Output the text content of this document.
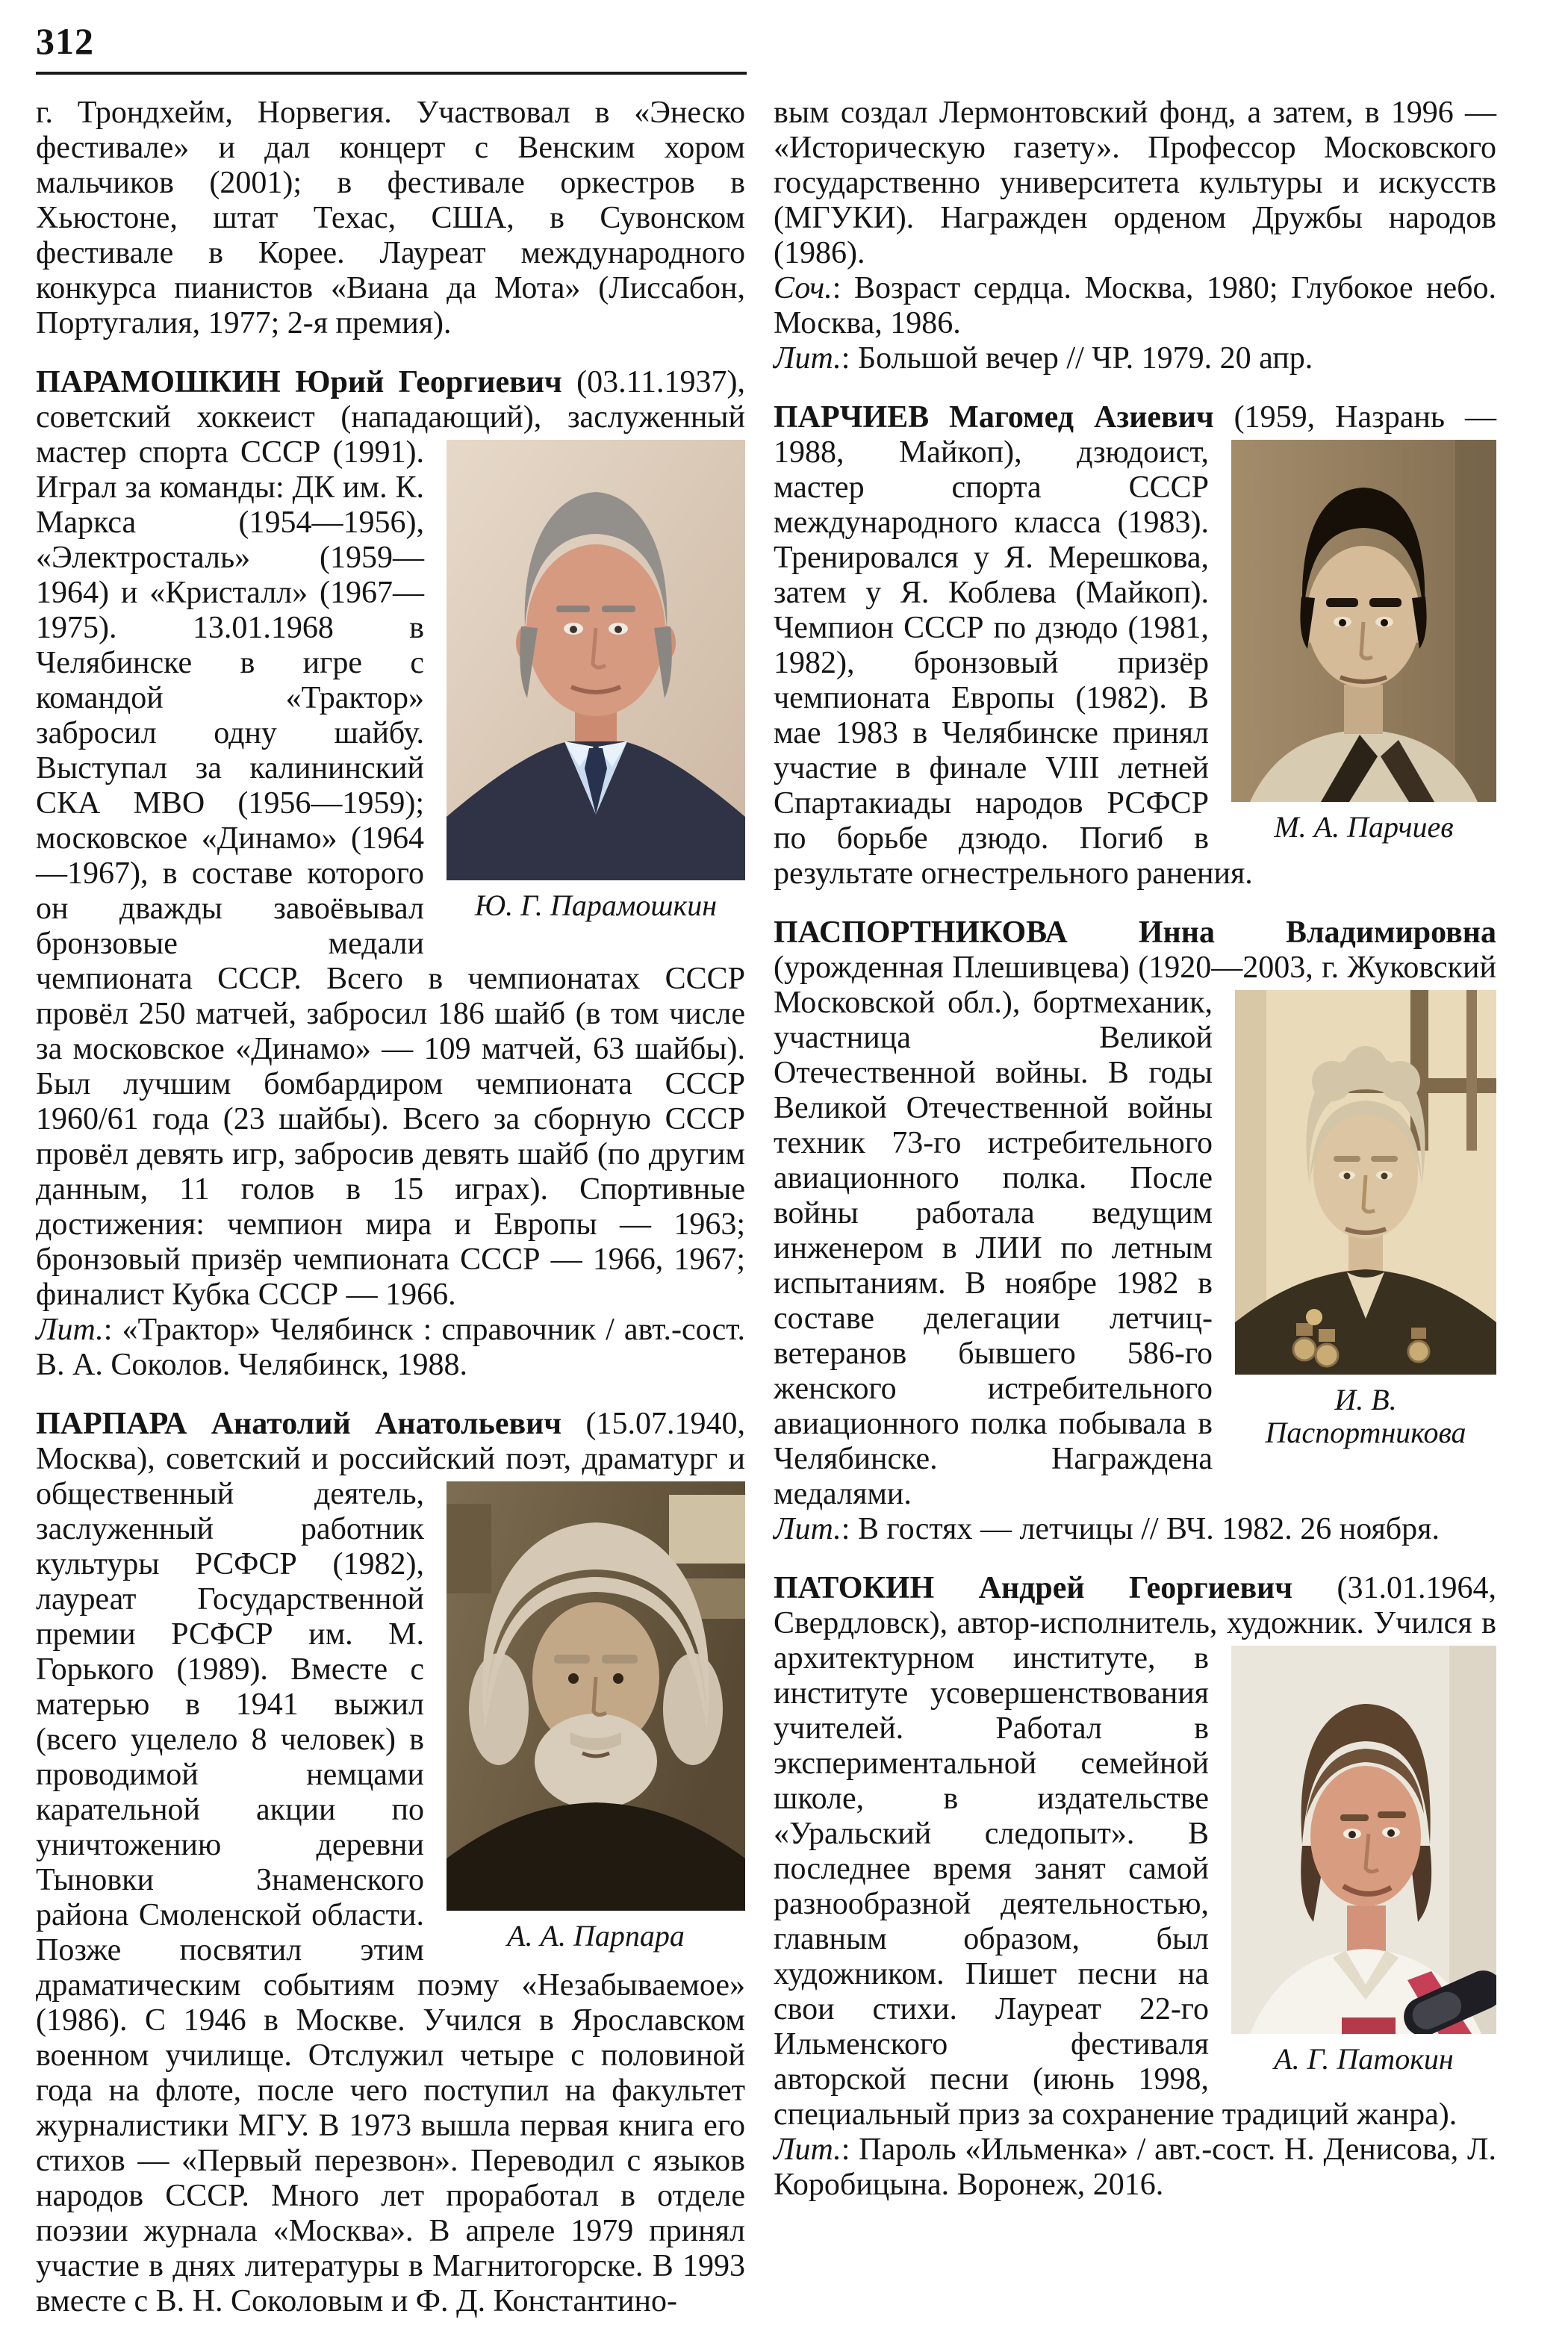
312

г. Трондхейм, Норвегия. Участвовал в «Энеско фестивале» и дал концерт с Венским хором мальчиков (2001); в фестивале оркестров в Хьюстоне, штат Техас, США, в Сувонском фестивале в Корее. Лауреат международного конкурса пианистов «Виана да Мота» (Лиссабон, Португалия, 1977; 2-я премия).

ПАРАМОШКИН Юрий Георгиевич (03.11.1937), советский хоккеист (нападающий), заслуженный
Ю. Г. Парамошкин
мастер спорта СССР (1991). Играл за команды: ДК им. К. Маркса (1954—1956), «Электросталь» (1959—1964) и «Кристалл» (1967—1975). 13.01.1968 в Челябинске в игре с командой «Трактор» забросил одну шайбу. Выступал за калининский СКА МВО (1956—1959); московское «Динамо» (1964—1967), в составе которого он дважды завоёвывал бронзовые медали чемпионата СССР. Всего в чемпионатах СССР провёл 250 матчей, забросил 186 шайб (в том числе за московское «Динамо» — 109 матчей, 63 шайбы). Был лучшим бомбардиром чемпионата СССР 1960/61 года (23 шайбы). Всего за сборную СССР провёл девять игр, забросив девять шайб (по другим данным, 11 голов в 15 играх). Спортивные достижения: чемпион мира и Европы — 1963; бронзовый призёр чемпионата СССР — 1966, 1967; финалист Кубка СССР — 1966.

Лит.: «Трактор» Челябинск : справочник / авт.-сост. В. А. Соколов. Челябинск, 1988.

ПАРПАРА Анатолий Анатольевич (15.07.1940, Москва), советский и российский поэт,
А. А. Парпара
драматург и общественный деятель, заслуженный работник культуры РСФСР (1982), лауреат Государственной премии РСФСР им. М. Горького (1989). Вместе с матерью в 1941 выжил (всего уцелело 8 человек) в проводимой немцами карательной акции по уничтожению деревни Тыновки Знаменского района Смоленской области. Позже посвятил этим драматическим событиям поэму «Незабываемое» (1986). С 1946 в Москве. Учился в Ярославском военном училище. Отслужил четыре с половиной года на флоте, после чего поступил на факультет журналистики МГУ. В 1973 вышла первая книга его стихов — «Первый перезвон». Переводил с языков народов СССР. Много лет проработал в отделе поэзии журнала «Москва». В апреле 1979 принял участие в днях литературы в Магнитогорске. В 1993 вместе с В. Н. Соколовым и Ф. Д. Константино-

вым создал Лермонтовский фонд, а затем, в 1996 — «Историческую газету». Профессор Московского государственно университета культуры и искусств (МГУКИ). Награжден орденом Дружбы народов (1986).

Соч.: Возраст сердца. Москва, 1980; Глубокое небо. Москва, 1986.

Лит.: Большой вечер // ЧР. 1979. 20 апр.

ПАРЧИЕВ Магомед Азиевич (1959, Назрань —
М. А. Парчиев
1988, Майкоп), дзюдоист, мастер спорта СССР международного класса (1983). Тренировался у Я. Мерешкова, затем у Я. Коблева (Майкоп). Чемпион СССР по дзюдо (1981, 1982), бронзовый призёр чемпионата Европы (1982). В мае 1983 в Челябинске принял участие в финале VIII летней Спартакиады народов РСФСР по борьбе дзюдо. Погиб в результате огнестрельного ранения.

ПАСПОРТНИКОВА Инна Владимировна (урожденная Плешивцева) (1920—2003, г. Жуковский
И. В. Паспортникова
Московской обл.), бортмеханик, участница Великой Отечественной войны. В годы Великой Отечественной войны техник 73-го истребительного авиационного полка. После войны работала ведущим инженером в ЛИИ по летным испытаниям. В ноябре 1982 в составе делегации летчиц-ветеранов бывшего 586-го женского истребительного авиационного полка побывала в Челябинске. Награждена медалями.

Лит.: В гостях — летчицы // ВЧ. 1982. 26 ноября.

ПАТОКИН Андрей Георгиевич (31.01.1964, Свердловск), автор-исполнитель, художник.
А. Г. Патокин
Учился в архитектурном институте, в институте усовершенствования учителей. Работал в экспериментальной семейной школе, в издательстве «Уральский следопыт». В последнее время занят самой разнообразной деятельностью, главным образом, был художником. Пишет песни на свои стихи. Лауреат 22-го Ильменского фестиваля авторской песни (июнь 1998, специальный приз за сохранение традиций жанра).

Лит.: Пароль «Ильменка» / авт.-сост. Н. Денисова, Л. Коробицына. Воронеж, 2016.
